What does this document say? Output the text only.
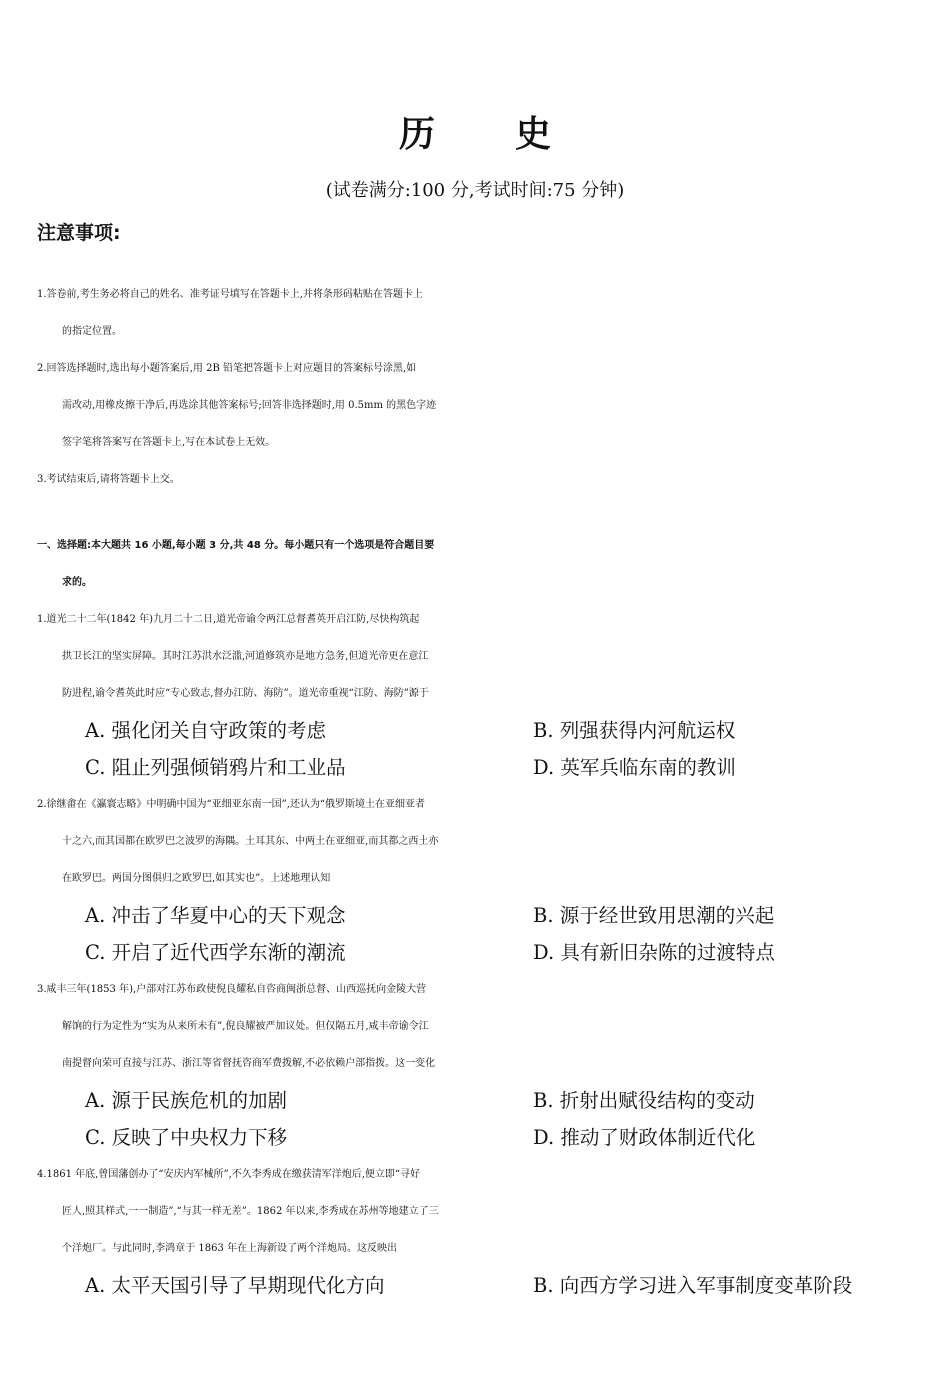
历 史
(试卷满分:100 分,考试时间:75 分钟)
注意事项:
1.答卷前,考生务必将自己的姓名、准考证号填写在答题卡上,并将条形码粘贴在答题卡上
的指定位置。
2.回答选择题时,选出每小题答案后,用 2B 铅笔把答题卡上对应题目的答案标号涂黑,如
需改动,用橡皮擦干净后,再选涂其他答案标号;回答非选择题时,用 0.5mm 的黑色字迹
签字笔将答案写在答题卡上,写在本试卷上无效。
3.考试结束后,请将答题卡上交。
一、选择题:本大题共 16 小题,每小题 3 分,共 48 分。每小题只有一个选项是符合题目要
求的。
1.道光二十二年(1842 年)九月二十二日,道光帝谕令两江总督耆英开启江防,尽快构筑起
拱卫长江的坚实屏障。其时江苏洪水泛滥,河道修筑亦是地方急务,但道光帝更在意江
防进程,谕令耆英此时应“专心致志,督办江防、海防”。道光帝重视“江防、海防”源于
A. 强化闭关自守政策的考虑	B. 列强获得内河航运权
C. 阻止列强倾销鸦片和工业品	D. 英军兵临东南的教训
2.徐继畬在《瀛寰志略》中明确中国为“亚细亚东南一国”,还认为“俄罗斯境土在亚细亚者
十之六,而其国都在欧罗巴之波罗的海隅。土耳其东、中两土在亚细亚,而其都之西土亦
在欧罗巴。两国分图俱归之欧罗巴,如其实也”。上述地理认知
A. 冲击了华夏中心的天下观念	B. 源于经世致用思潮的兴起
C. 开启了近代西学东渐的潮流	D. 具有新旧杂陈的过渡特点
3.咸丰三年(1853 年),户部对江苏布政使倪良耀私自咨商闽浙总督、山西巡抚向金陵大营
解饷的行为定性为“实为从来所未有”,倪良耀被严加议处。但仅隔五月,咸丰帝谕令江
南提督向荣可直接与江苏、浙江等省督抚咨商军费拨解,不必依赖户部指拨。这一变化
A. 源于民族危机的加剧	B. 折射出赋役结构的变动
C. 反映了中央权力下移	D. 推动了财政体制近代化
4.1861 年底,曾国藩创办了“安庆内军械所”,不久李秀成在缴获清军洋炮后,便立即“寻好
匠人,照其样式,一一制造”,“与其一样无差”。1862 年以来,李秀成在苏州等地建立了三
个洋炮厂。与此同时,李鸿章于 1863 年在上海新设了两个洋炮局。这反映出
A. 太平天国引导了早期现代化方向	B. 向西方学习进入军事制度变革阶段
